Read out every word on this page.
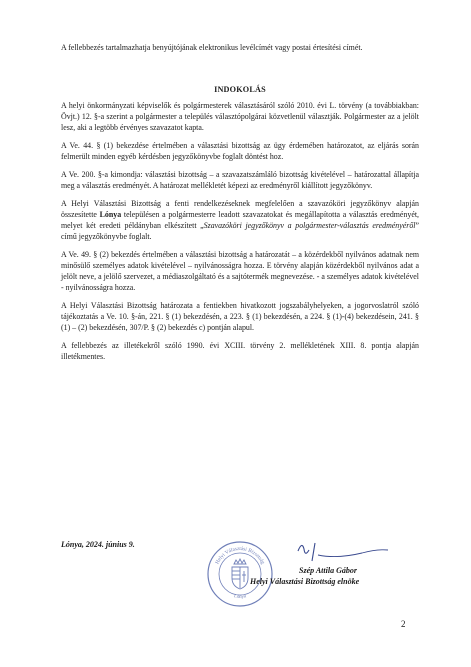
A fellebbezés tartalmazhatja benyújtójának elektronikus levélcímét vagy postai értesítési címét.

INDOKOLÁS

A helyi önkormányzati képviselők és polgármesterek választásáról szóló 2010. évi L. törvény (a továbbiakban: Övjt.) 12. §-a szerint a polgármester a település választópolgárai közvetlenül választják. Polgármester az a jelölt lesz, aki a legtöbb érvényes szavazatot kapta.

A Ve. 44. § (1) bekezdése értelmében a választási bizottság az ügy érdemében határozatot, az eljárás során felmerült minden egyéb kérdésben jegyzőkönyvbe foglalt döntést hoz.

A Ve. 200. §-a kimondja: választási bizottság – a szavazatszámláló bizottság kivételével – határozattal állapítja meg a választás eredményét. A határozat mellékletét képezi az eredményről kiállított jegyzőkönyv.

A Helyi Választási Bizottság a fenti rendelkezéseknek megfelelően a szavazóköri jegyzőkönyv alapján összesítette Lónya településen a polgármesterre leadott szavazatokat és megállapította a választás eredményét, melyet két eredeti példányban elkészített „Szavazóköri jegyzőkönyv a polgármester-választás eredményéről” című jegyzőkönyvbe foglalt.

A Ve. 49. § (2) bekezdés értelmében a választási bizottság a határozatát – a közérdekből nyilvános adatnak nem minősülő személyes adatok kivételével – nyilvánosságra hozza. E törvény alapján közérdekből nyilvános adat a jelölt neve, a jelölő szervezet, a médiaszolgáltató és a sajtótermék megnevezése. - a személyes adatok kivételével - nyilvánosságra hozza.

A Helyi Választási Bizottság határozata a fentiekben hivatkozott jogszabályhelyeken, a jogorvoslatról szóló tájékoztatás a Ve. 10. §-án, 221. § (1) bekezdésén, a 223. § (1) bekezdésén, a 224. § (1)-(4) bekezdésein, 241. § (1) – (2) bekezdésén, 307/P. § (2) bekezdés c) pontján alapul.

A fellebbezés az illetékekről szóló 1990. évi XCIII. törvény 2. mellékletének XIII. 8. pontja alapján illetékmentes.

Lónya, 2024. június 9.
Helyi Választási Bizottság
Lónya
Szép Attila Gábor
Helyi Választási Bizottság elnöke
2
